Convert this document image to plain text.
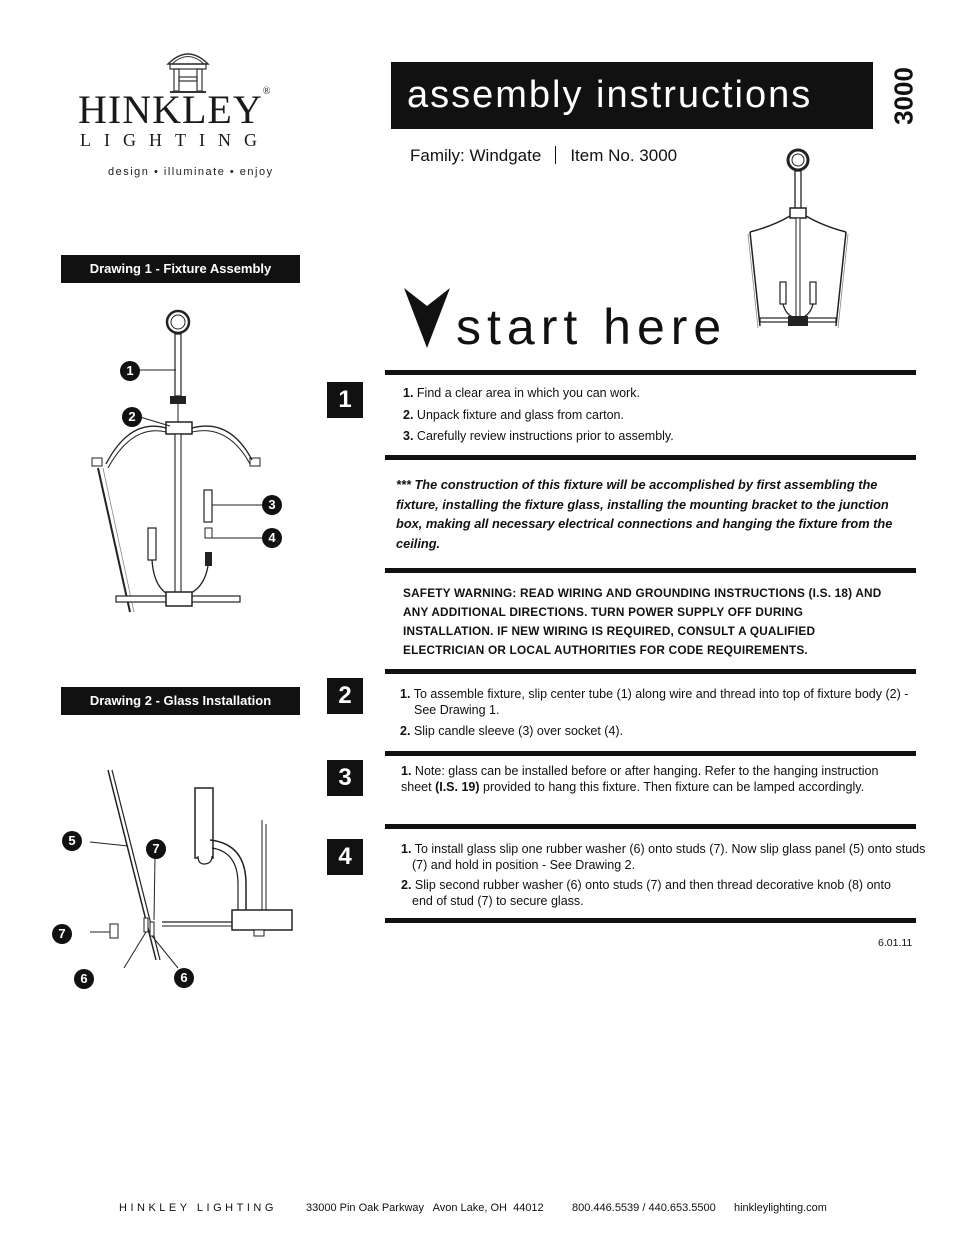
HINKLEY®
LIGHTING
design • illuminate • enjoy
assembly instructions	3000
Family: Windgate Item No. 3000
start here
Drawing 1 - Fixture Assembly
1
2
3
4
Drawing 2 - Glass Installation
5
7
7
6	6
1	1. Find a clear area in which you can work.
2. Unpack fixture and glass from carton.
3. Carefully review instructions prior to assembly.
*** The construction of this fixture will be accomplished by first assembling the fixture, installing the fixture glass, installing the mounting bracket to the junction box, making all necessary electrical connections and hanging the fixture from the ceiling.
SAFETY WARNING: READ WIRING AND GROUNDING INSTRUCTIONS (I.S. 18) AND ANY ADDITIONAL DIRECTIONS. TURN POWER SUPPLY OFF DURING INSTALLATION. IF NEW WIRING IS REQUIRED, CONSULT A QUALIFIED ELECTRICIAN OR LOCAL AUTHORITIES FOR CODE REQUIREMENTS.
2	1. To assemble fixture, slip center tube (1) along wire and thread into top of fixture body (2) - See Drawing 1.
2. Slip candle sleeve (3) over socket (4).
3	1. Note: glass can be installed before or after hanging. Refer to the hanging instruction sheet (I.S. 19) provided to hang this fixture. Then fixture can be lamped accordingly.
4	1. To install glass slip one rubber washer (6) onto studs (7). Now slip glass panel (5) onto studs (7) and hold in position - See Drawing 2.
2. Slip second rubber washer (6) onto studs (7) and then thread decorative knob (8) onto end of stud (7) to secure glass.
6.01.11
HINKLEY LIGHTING	33000 Pin Oak Parkway   Avon Lake, OH  44012	800.446.5539 / 440.653.5500 hinkleylighting.com
